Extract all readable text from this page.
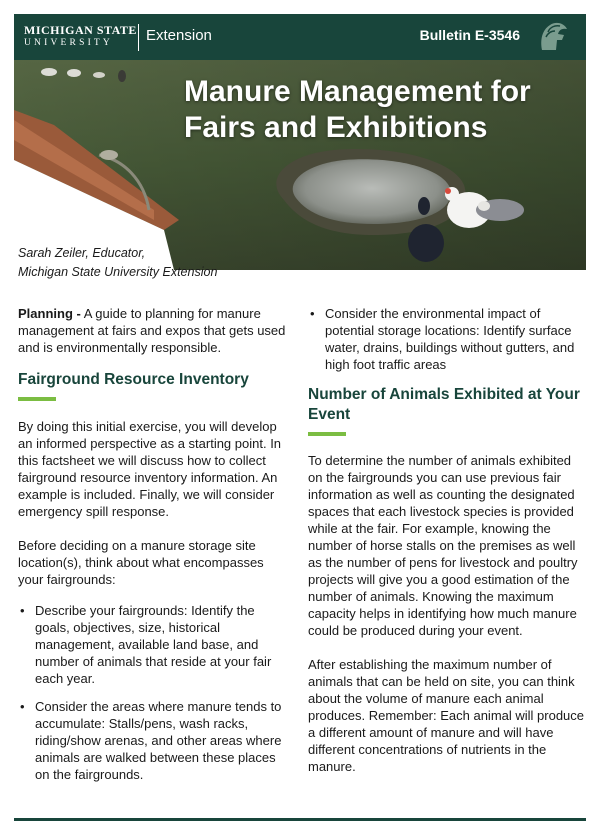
MICHIGAN STATE
UNIVERSITY	Extension	Bulletin E-3546
Manure Management for
Fairs and Exhibitions
Sarah Zeiler, Educator,
Michigan State University Extension

Planning - A guide to planning for manure management at fairs and expos that gets used and is environmentally responsible.

Fairground Resource Inventory

By doing this initial exercise, you will develop an informed perspective as a starting point. In this factsheet we will discuss how to collect fairground resource inventory information. An example is included. Finally, we will consider emergency spill response.

Before deciding on a manure storage site location(s), think about what encompasses your fairgrounds:

• Describe your fairgrounds: Identify the goals, objectives, size, historical management, available land base, and number of animals that reside at your fair each year.
• Consider the areas where manure tends to accumulate: Stalls/pens, wash racks, riding/show arenas, and other areas where animals are walked between these places on the fairgrounds.
• Consider the environmental impact of potential storage locations: Identify surface water, drains, buildings without gutters, and high foot traffic areas
Number of Animals Exhibited at Your Event

To determine the number of animals exhibited on the fairgrounds you can use previous fair information as well as counting the designated spaces that each livestock species is provided while at the fair. For example, knowing the number of horse stalls on the premises as well as the number of pens for livestock and poultry projects will give you a good estimation of the number of animals. Knowing the maximum capacity helps in identifying how much manure could be produced during your event.

After establishing the maximum number of animals that can be held on site, you can think about the volume of manure each animal produces. Remember: Each animal will produce a different amount of manure and will have different concentrations of nutrients in the manure.
